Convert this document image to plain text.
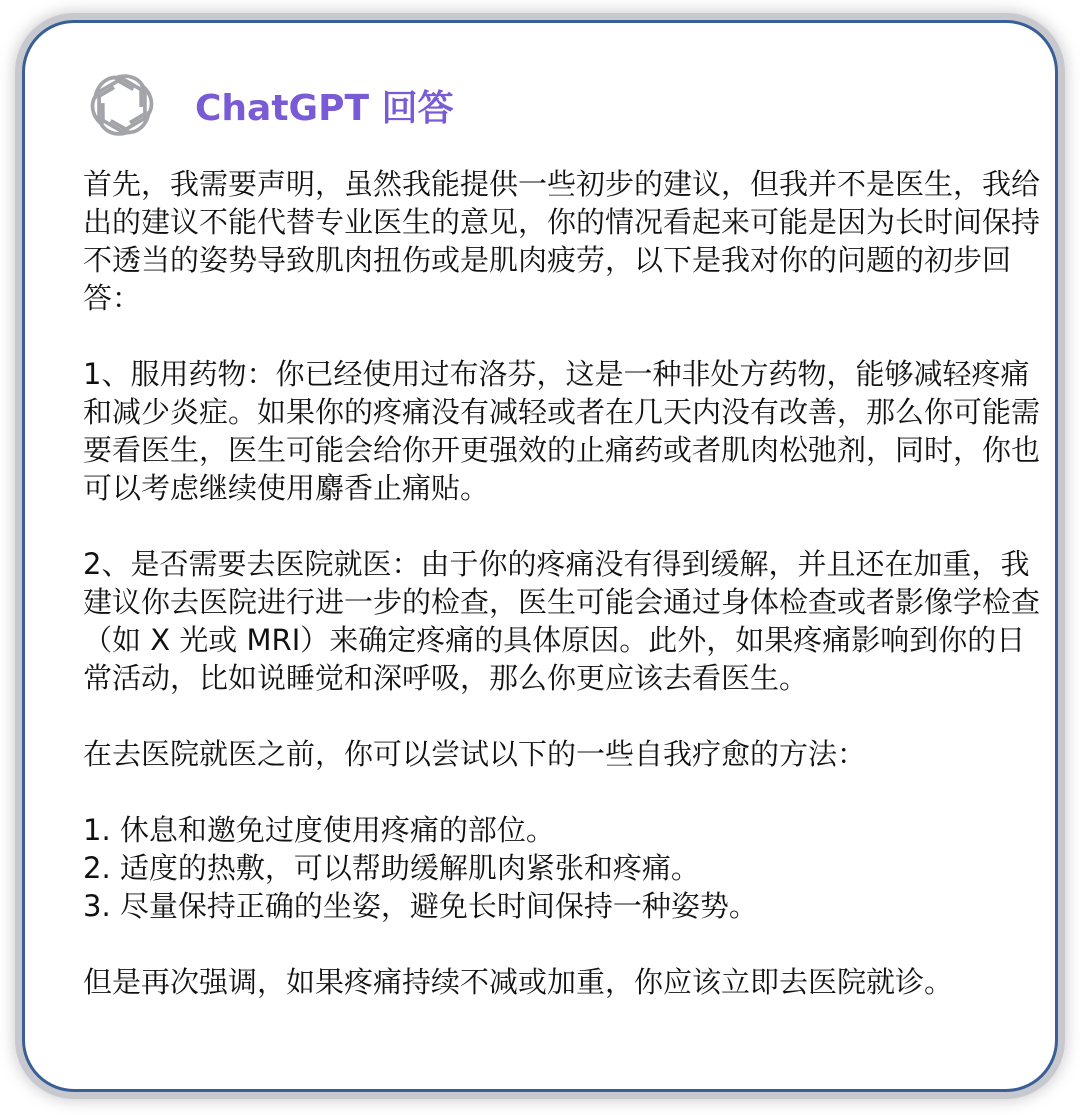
ChatGPT 回答

首先，我需要声明，虽然我能提供一些初步的建议，但我并不是医生，我给出的建议不能代替专业医生的意见，你的情况看起来可能是因为长时间保持不透当的姿势导致肌肉扭伤或是肌肉疲劳，以下是我对你的问题的初步回答：

1、服用药物：你已经使用过布洛芬，这是一种非处方药物，能够减轻疼痛和减少炎症。如果你的疼痛没有减轻或者在几天内没有改善，那么你可能需要看医生，医生可能会给你开更强效的止痛药或者肌肉松弛剂，同时，你也可以考虑继续使用麝香止痛贴。

2、是否需要去医院就医：由于你的疼痛没有得到缓解，并且还在加重，我建议你去医院进行进一步的检查，医生可能会通过身体检查或者影像学检查（如 X 光或 MRI）来确定疼痛的具体原因。此外，如果疼痛影响到你的日常活动，比如说睡觉和深呼吸，那么你更应该去看医生。

在去医院就医之前，你可以尝试以下的一些自我疗愈的方法：

1. 休息和邀免过度使用疼痛的部位。

2. 适度的热敷，可以帮助缓解肌肉紧张和疼痛。

3. 尽量保持正确的坐姿，避免长时间保持一种姿势。

但是再次强调，如果疼痛持续不减或加重，你应该立即去医院就诊。
